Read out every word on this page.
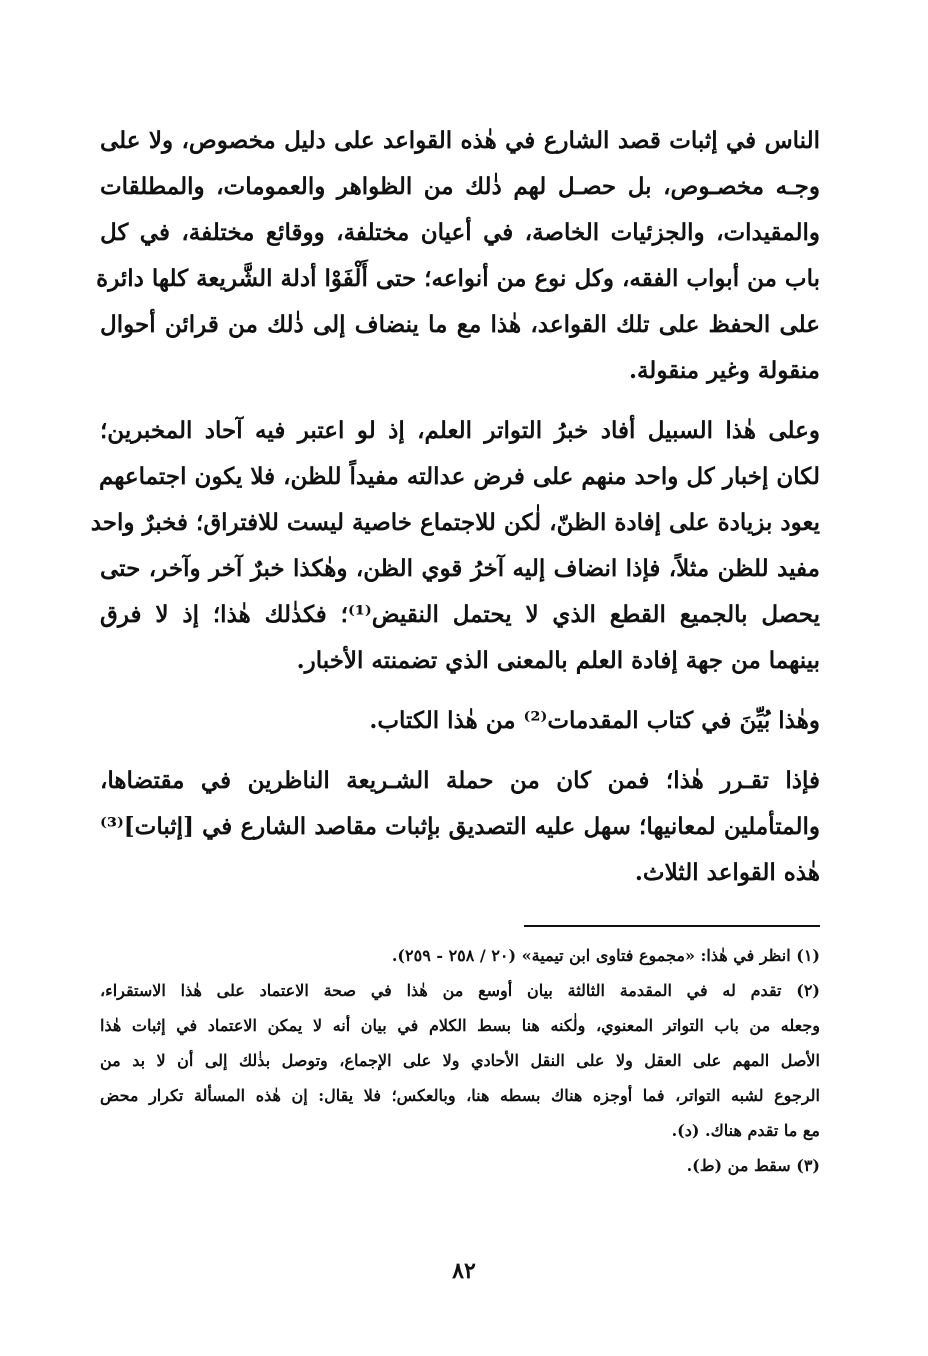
الناس في إثبات قصد الشارع في هٰذه القواعد على دليل مخصوص، ولا على
وجـه مخصـوص، بل حصـل لهم ذٰلك من الظواهر والعمومات، والمطلقات
والمقيدات، والجزئيات الخاصة، في أعيان مختلفة، ووقائع مختلفة، في كل
باب من أبواب الفقه، وكل نوع من أنواعه؛ حتى أَلْفَوْا أدلة الشَّريعة كلها دائرة
على الحفظ على تلك القواعد، هٰذا مع ما ينضاف إلى ذٰلك من قرائن أحوال
منقولة وغير منقولة.
وعلى هٰذا السبيل أفاد خبرُ التواتر العلم، إذ لو اعتبر فيه آحاد المخبرين؛
لكان إخبار كل واحد منهم على فرض عدالته مفيداً للظن، فلا يكون اجتماعهم
يعود بزيادة على إفادة الظنّ، لٰكن للاجتماع خاصية ليست للافتراق؛ فخبرٌ واحد
مفيد للظن مثلاً، فإذا انضاف إليه آخرُ قوي الظن، وهٰكذا خبرٌ آخر وآخر، حتى
يحصل بالجميع القطع الذي لا يحتمل النقيض⁽¹⁾؛ فكذٰلك هٰذا؛ إذ لا فرق
بينهما من جهة إفادة العلم بالمعنى الذي تضمنته الأخبار.
وهٰذا بُيِّنَ في كتاب المقدمات⁽²⁾ من هٰذا الكتاب.
فإذا تقـرر هٰذا؛ فمن كان من حملة الشـريعة الناظرين في مقتضاها،
والمتأملين لمعانيها؛ سهل عليه التصديق بإثبات مقاصد الشارع في [إثبات]⁽³⁾
هٰذه القواعد الثلاث.
(١) انظر في هٰذا: «مجموع فتاوى ابن تيمية» (٢٠ / ٢٥٨ - ٢٥٩).
(٢) تقدم له في المقدمة الثالثة بيان أوسع من هٰذا في صحة الاعتماد على هٰذا الاستقراء،
وجعله من باب التواتر المعنوي، ولٰكنه هنا بسط الكلام في بيان أنه لا يمكن الاعتماد في إثبات هٰذا
الأصل المهم على العقل ولا على النقل الأحادي ولا على الإجماع، وتوصل بذٰلك إلى أن لا بد من
الرجوع لشبه التواتر، فما أوجزه هناك بسطه هنا، وبالعكس؛ فلا يقال: إن هٰذه المسألة تكرار محض
مع ما تقدم هناك. (د).
(٣) سقط من (ط).
٨٢
